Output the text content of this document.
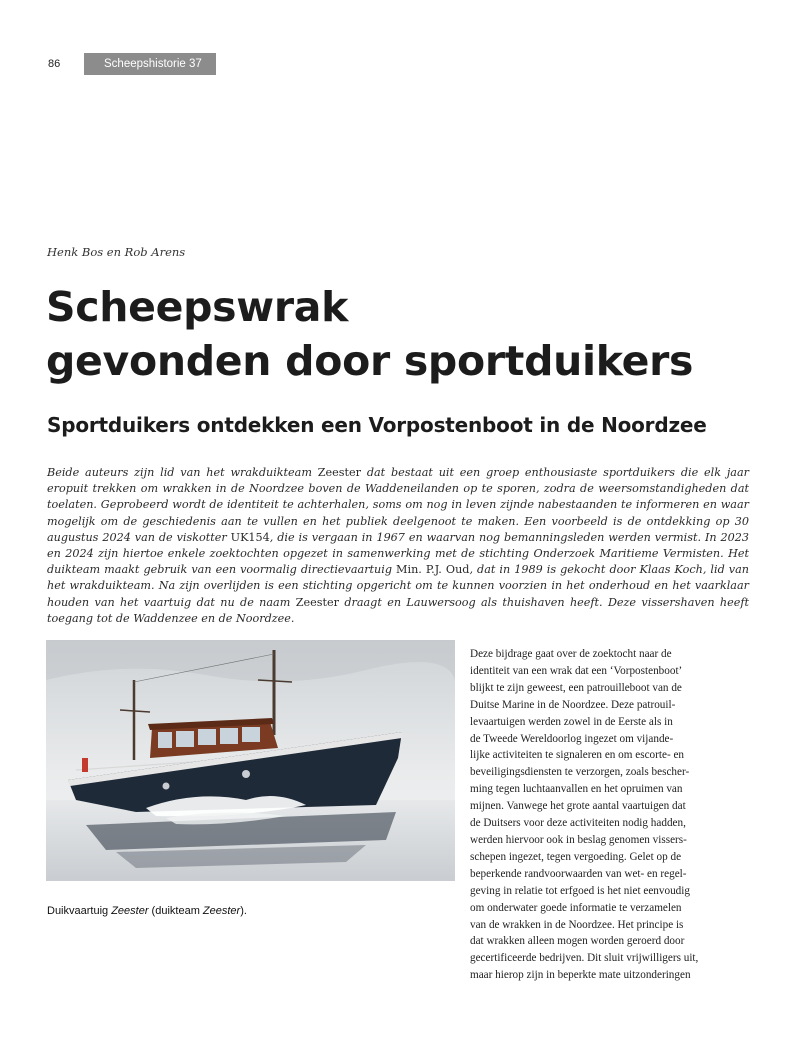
86	Scheepshistorie 37
Henk Bos en Rob Arens
Scheepswrak
gevonden door sportduikers
Sportduikers ontdekken een Vorpostenboot in de Noordzee
Beide auteurs zijn lid van het wrakduikteam Zeester dat bestaat uit een groep enthousiaste sportduikers die elk jaar eropuit trekken om wrakken in de Noordzee boven de Waddeneilanden op te sporen, zodra de weersomstandigheden dat toelaten. Geprobeerd wordt de identiteit te achterhalen, soms om nog in leven zijnde nabestaanden te informeren en waar mogelijk om de geschiedenis aan te vullen en het publiek deelgenoot te maken. Een voorbeeld is de ontdekking op 30 augustus 2024 van de viskotter UK154, die is vergaan in 1967 en waarvan nog bemanningsleden werden vermist. In 2023 en 2024 zijn hiertoe enkele zoektochten opgezet in samenwerking met de stichting Onderzoek Maritieme Vermisten. Het duikteam maakt gebruik van een voormalig directievaartuig Min. P.J. Oud, dat in 1989 is gekocht door Klaas Koch, lid van het wrakduikteam. Na zijn overlijden is een stichting opgericht om te kunnen voorzien in het onderhoud en het vaarklaar houden van het vaartuig dat nu de naam Zeester draagt en Lauwersoog als thuishaven heeft. Deze vissershaven heeft toegang tot de Waddenzee en de Noordzee.
Duikvaartuig Zeester (duikteam Zeester).
Deze bijdrage gaat over de zoektocht naar de
identiteit van een wrak dat een ‘Vorpostenboot’
blijkt te zijn geweest, een patrouilleboot van de
Duitse Marine in de Noordzee. Deze patrouil-
levaartuigen werden zowel in de Eerste als in
de Tweede Wereldoorlog ingezet om vijande-
lijke activiteiten te signaleren en om escorte- en
beveiligingsdiensten te verzorgen, zoals bescher-
ming tegen luchtaanvallen en het opruimen van
mijnen. Vanwege het grote aantal vaartuigen dat
de Duitsers voor deze activiteiten nodig hadden,
werden hiervoor ook in beslag genomen vissers-
schepen ingezet, tegen vergoeding. Gelet op de
beperkende randvoorwaarden van wet- en regel-
geving in relatie tot erfgoed is het niet eenvoudig
om onderwater goede informatie te verzamelen
van de wrakken in de Noordzee. Het principe is
dat wrakken alleen mogen worden geroerd door
gecertificeerde bedrijven. Dit sluit vrijwilligers uit,
maar hierop zijn in beperkte mate uitzonderingen
